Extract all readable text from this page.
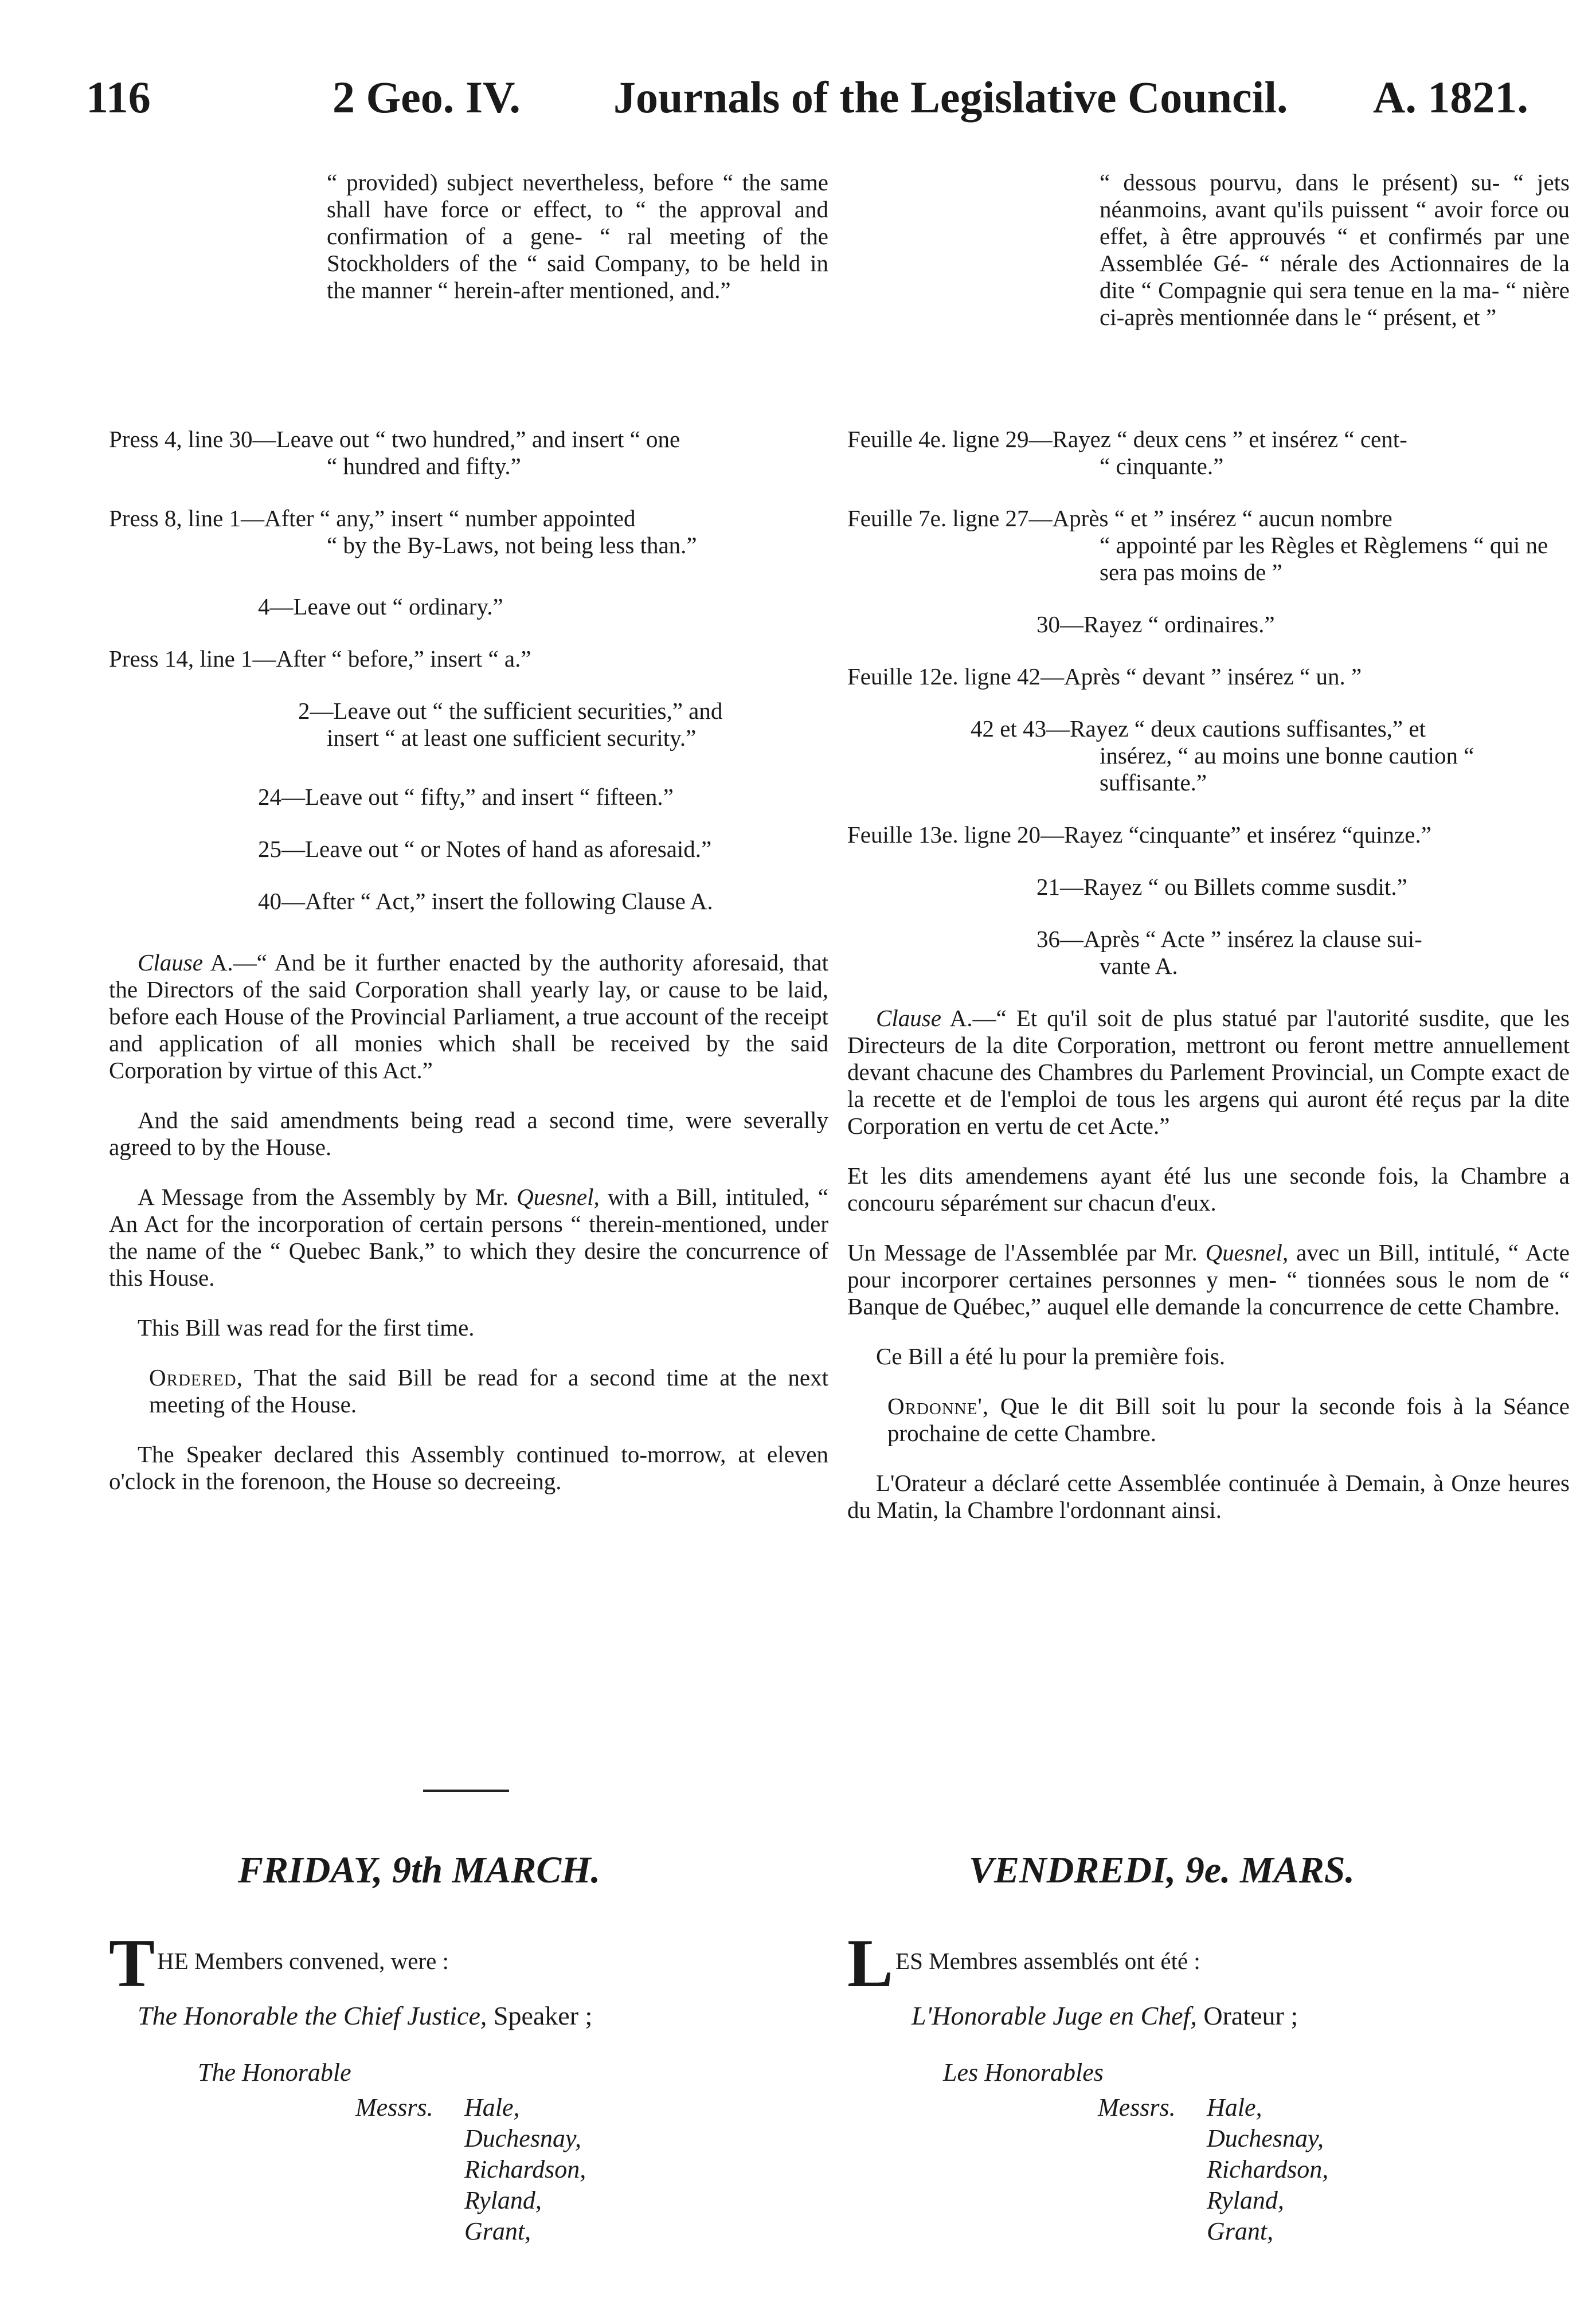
116	2 Geo. IV. Journals of the Legislative Council. A. 1821.
“ provided) subject nevertheless, before “ the same shall have force or effect, to “ the approval and confirmation of a gene- “ ral meeting of the Stockholders of the “ said Company, to be held in the manner “ herein-after mentioned, and.”
Press 4, line 30—Leave out “ two hundred,” and insert “ one
“ hundred and fifty.”
Press 8, line 1—After “ any,” insert “ number appointed
“ by the By-Laws, not being less than.”
4—Leave out “ ordinary.”
Press 14, line 1—After “ before,” insert “ a.”
2—Leave out “ the sufficient securities,” and
insert “ at least one sufficient security.”
24—Leave out “ fifty,” and insert “ fifteen.”
25—Leave out “ or Notes of hand as aforesaid.”
40—After “ Act,” insert the following Clause A.

Clause A.—“ And be it further enacted by the authority aforesaid, that the Directors of the said Corporation shall yearly lay, or cause to be laid, before each House of the Provincial Parliament, a true account of the receipt and application of all monies which shall be received by the said Corporation by virtue of this Act.”

And the said amendments being read a second time, were severally agreed to by the House.

A Message from the Assembly by Mr. Quesnel, with a Bill, intituled, “ An Act for the incorporation of certain persons “ therein-mentioned, under the name of the “ Quebec Bank,” to which they desire the concurrence of this House.

This Bill was read for the first time.

Ordered, That the said Bill be read for a second time at the next meeting of the House.

The Speaker declared this Assembly continued to-morrow, at eleven o'clock in the forenoon, the House so decreeing.

“ dessous pourvu, dans le présent) su- “ jets néanmoins, avant qu'ils puissent “ avoir force ou effet, à être approuvés “ et confirmés par une Assemblée Gé- “ nérale des Actionnaires de la dite “ Compagnie qui sera tenue en la ma- “ nière ci-après mentionnée dans le “ présent, et ”
Feuille 4e. ligne 29—Rayez “ deux cens ” et insérez “ cent-
“ cinquante.”
Feuille 7e. ligne 27—Après “ et ” insérez “ aucun nombre
“ appointé par les Règles et Règlemens “ qui ne sera pas moins de ”
30—Rayez “ ordinaires.”
Feuille 12e. ligne 42—Après “ devant ” insérez “ un. ”
42 et 43—Rayez “ deux cautions suffisantes,” et
insérez, “ au moins une bonne caution “ suffisante.”
Feuille 13e. ligne 20—Rayez “cinquante” et insérez “quinze.”
21—Rayez “ ou Billets comme susdit.”
36—Après “ Acte ” insérez la clause sui-
vante A.

Clause A.—“ Et qu'il soit de plus statué par l'autorité susdite, que les Directeurs de la dite Corporation, mettront ou feront mettre annuellement devant chacune des Chambres du Parlement Provincial, un Compte exact de la recette et de l'emploi de tous les argens qui auront été reçus par la dite Corporation en vertu de cet Acte.”

Et les dits amendemens ayant été lus une seconde fois, la Chambre a concouru séparément sur chacun d'eux.

Un Message de l'Assemblée par Mr. Quesnel, avec un Bill, intitulé, “ Acte pour incorporer certaines personnes y men- “ tionnées sous le nom de “ Banque de Québec,” auquel elle demande la concurrence de cette Chambre.

Ce Bill a été lu pour la première fois.

Ordonne', Que le dit Bill soit lu pour la seconde fois à la Séance prochaine de cette Chambre.

L'Orateur a déclaré cette Assemblée continuée à Demain, à Onze heures du Matin, la Chambre l'ordonnant ainsi.

FRIDAY, 9th MARCH.	VENDREDI, 9e. MARS.
THE Members convened, were :	LES Membres assemblés ont été :
The Honorable the Chief Justice, Speaker ;	L'Honorable Juge en Chef, Orateur ;
The Honorable	Les Honorables
Messrs. Hale,
Duchesnay,
Richardson,
Ryland,
Grant,
Messrs. Hale,
Duchesnay,
Richardson,
Ryland,
Grant,
